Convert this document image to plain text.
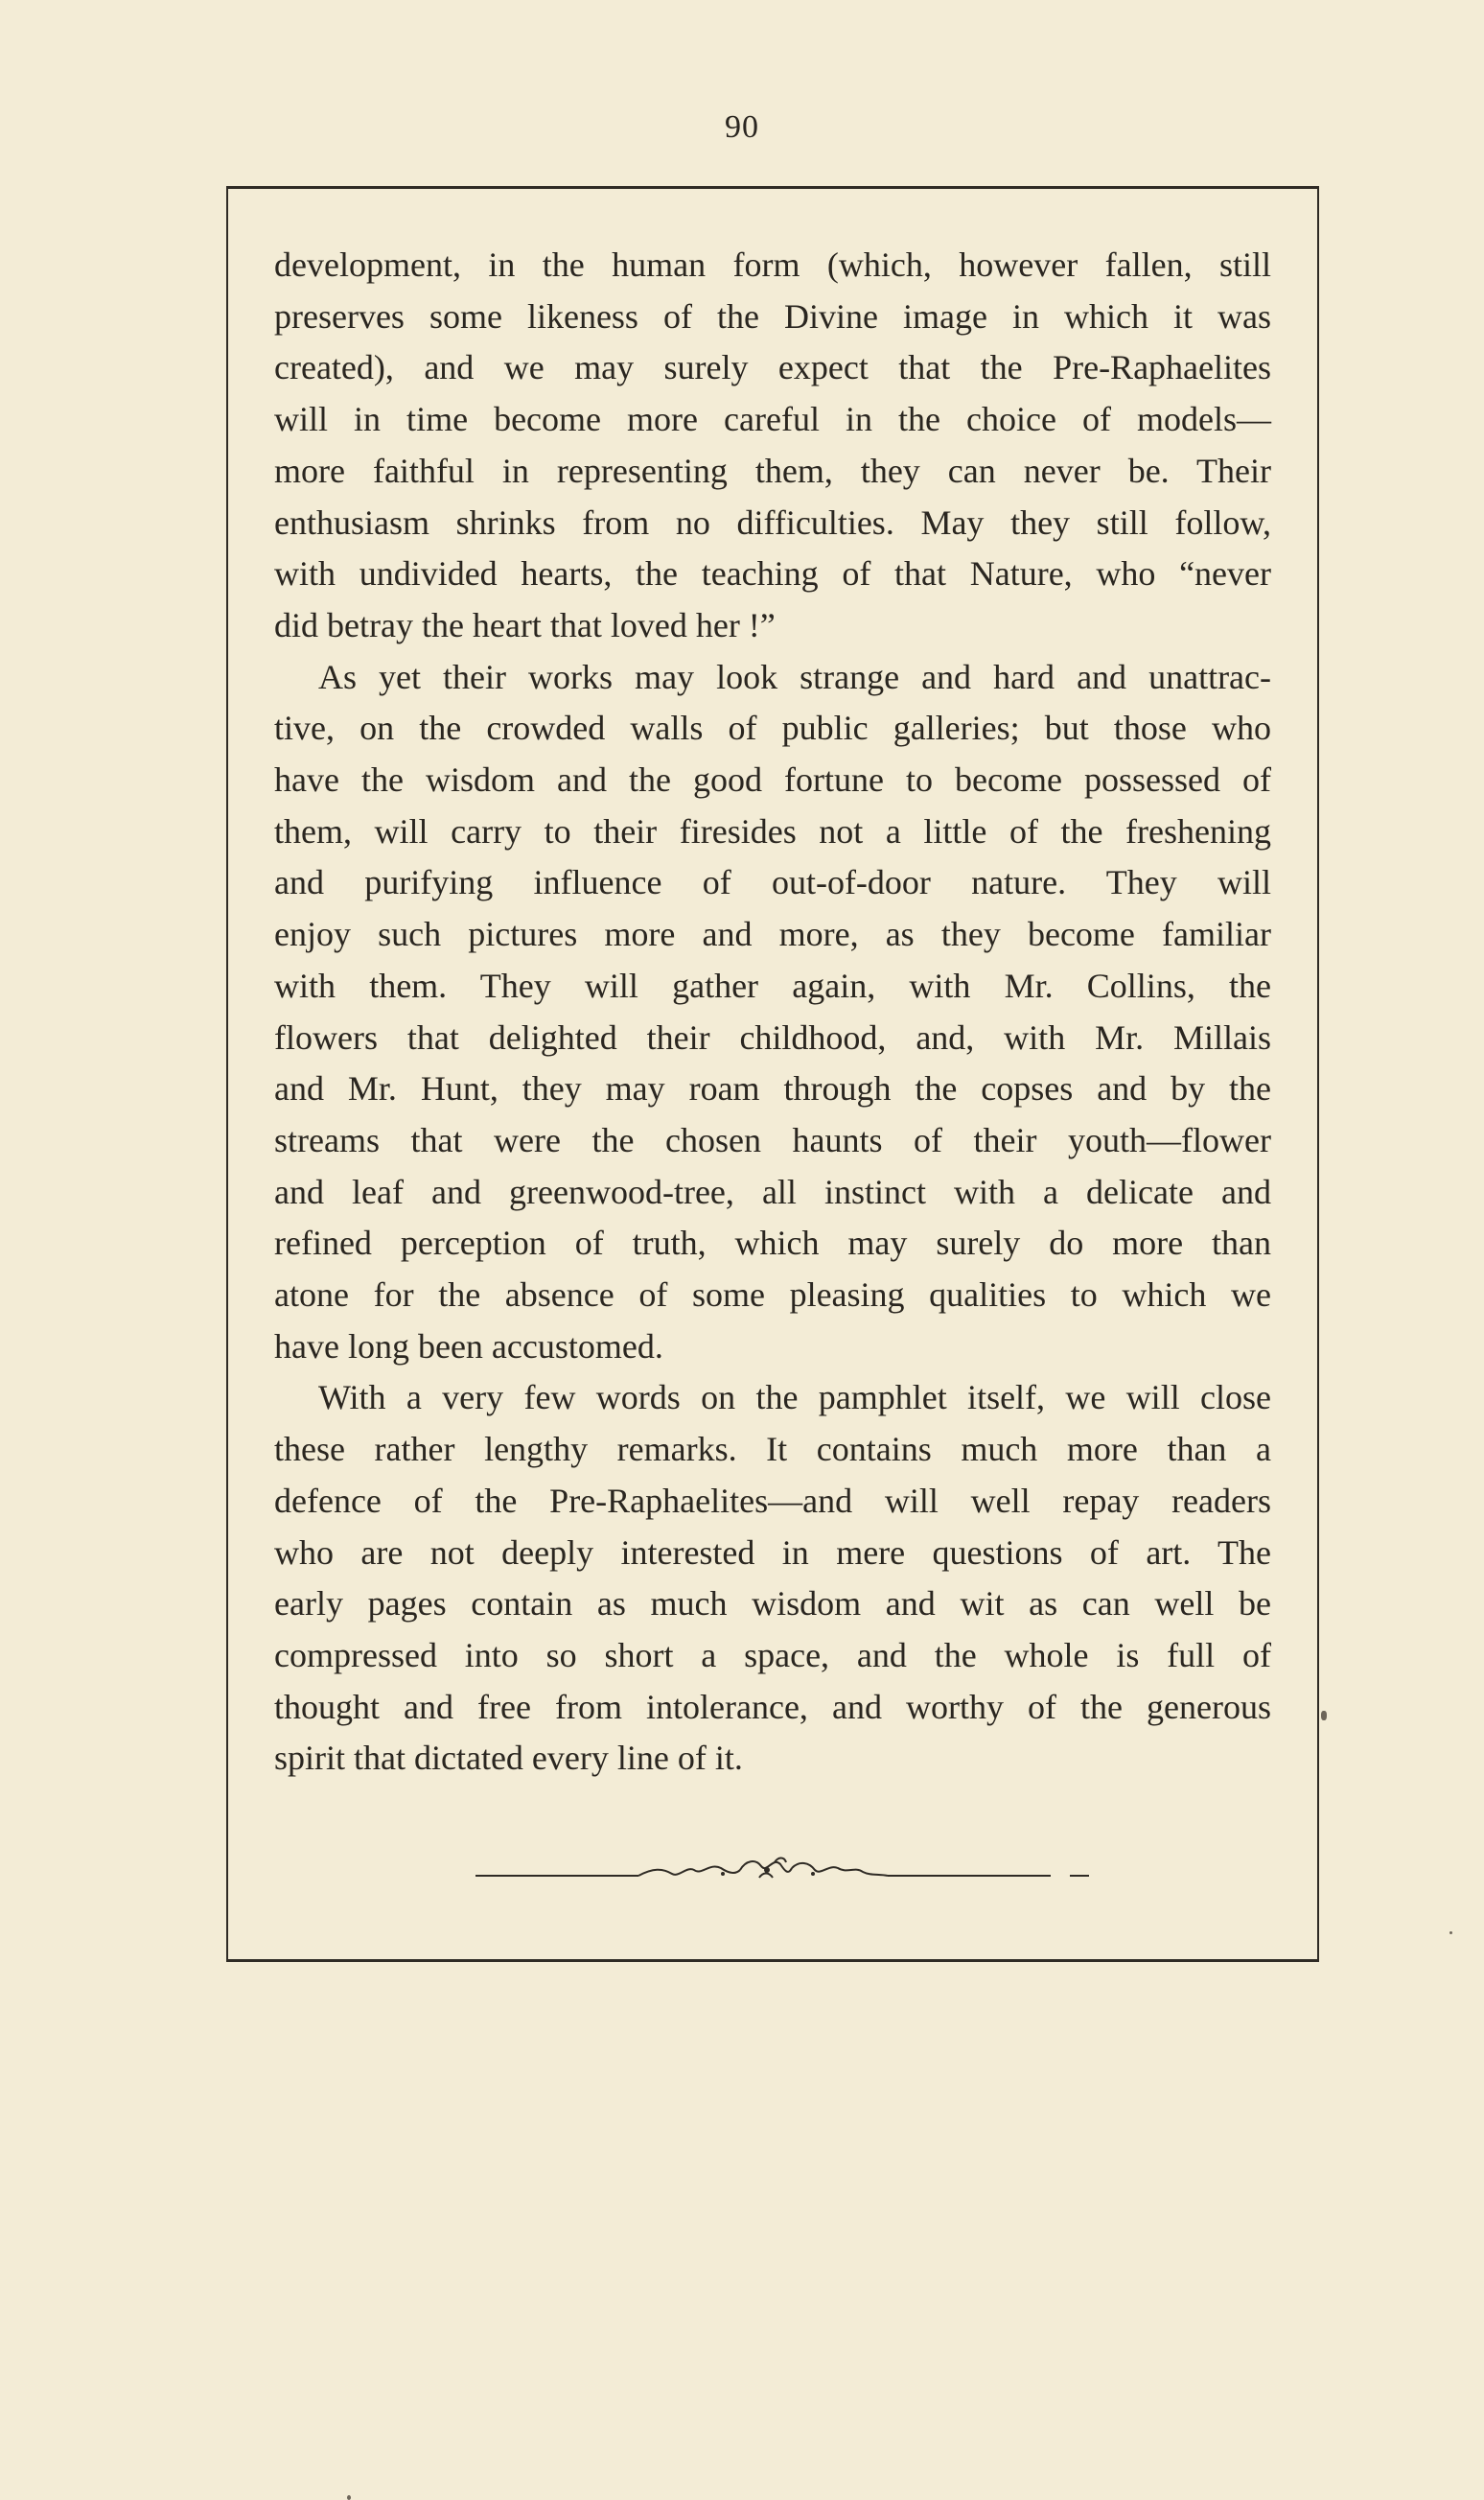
90
development, in the human form (which, however fallen, still
preserves some likeness of the Divine image in which it was
created), and we may surely expect that the Pre-Raphaelites
will in time become more careful in the choice of models—
more faithful in representing them, they can never be. Their
enthusiasm shrinks from no difficulties. May they still follow,
with undivided hearts, the teaching of that Nature, who “never
did betray the heart that loved her !”
As yet their works may look strange and hard and unattrac-
tive, on the crowded walls of public galleries; but those who
have the wisdom and the good fortune to become possessed of
them, will carry to their firesides not a little of the freshening
and purifying influence of out-of-door nature. They will
enjoy such pictures more and more, as they become familiar
with them. They will gather again, with Mr. Collins, the
flowers that delighted their childhood, and, with Mr. Millais
and Mr. Hunt, they may roam through the copses and by the
streams that were the chosen haunts of their youth—flower
and leaf and greenwood-tree, all instinct with a delicate and
refined perception of truth, which may surely do more than
atone for the absence of some pleasing qualities to which we
have long been accustomed.
With a very few words on the pamphlet itself, we will close
these rather lengthy remarks. It contains much more than a
defence of the Pre-Raphaelites—and will well repay readers
who are not deeply interested in mere questions of art. The
early pages contain as much wisdom and wit as can well be
compressed into so short a space, and the whole is full of
thought and free from intolerance, and worthy of the generous
spirit that dictated every line of it.
